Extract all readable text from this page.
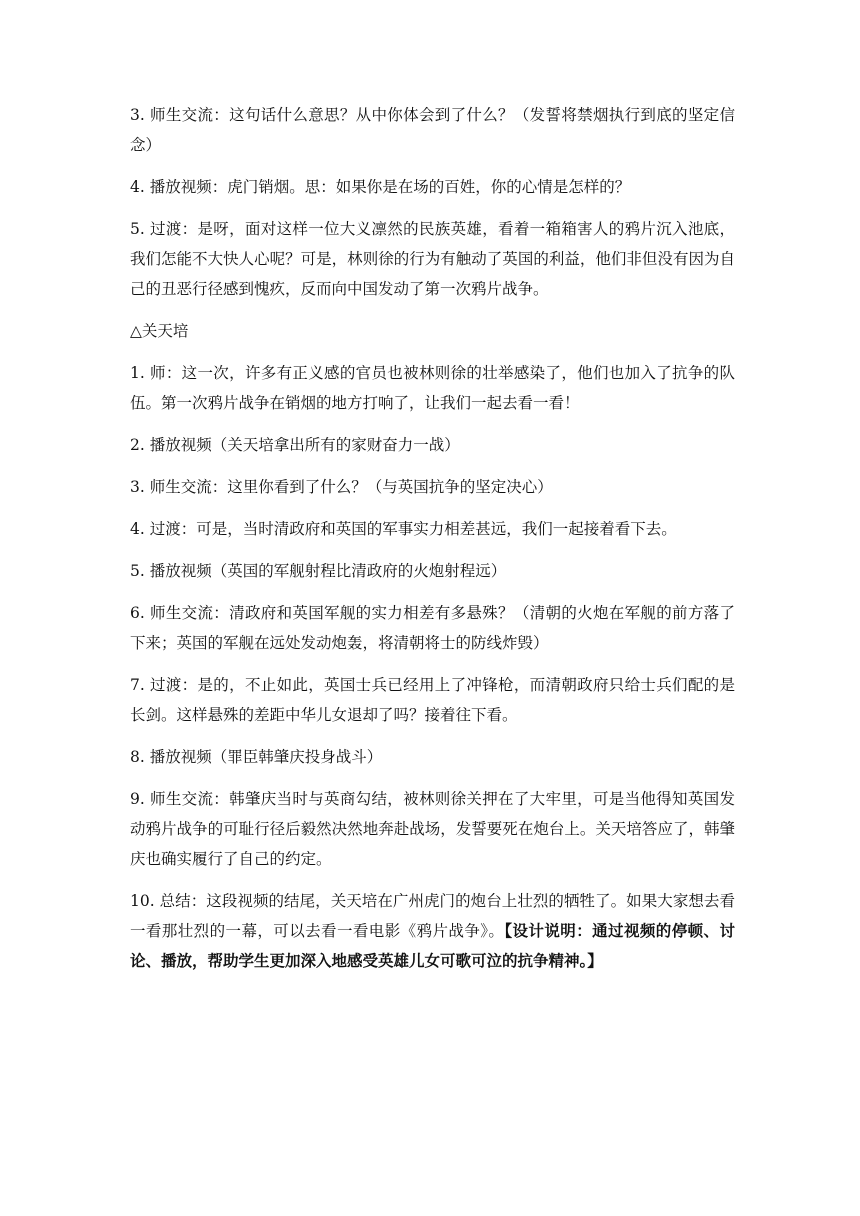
3. 师生交流：这句话什么意思？从中你体会到了什么？（发誓将禁烟执行到底的坚定信念）

4. 播放视频：虎门销烟。思：如果你是在场的百姓，你的心情是怎样的？

5. 过渡：是呀，面对这样一位大义凛然的民族英雄，看着一箱箱害人的鸦片沉入池底，我们怎能不大快人心呢？可是，林则徐的行为有触动了英国的利益，他们非但没有因为自己的丑恶行径感到愧疚，反而向中国发动了第一次鸦片战争。

△关天培

1. 师：这一次，许多有正义感的官员也被林则徐的壮举感染了，他们也加入了抗争的队伍。第一次鸦片战争在销烟的地方打响了，让我们一起去看一看！

2. 播放视频（关天培拿出所有的家财奋力一战）

3. 师生交流：这里你看到了什么？（与英国抗争的坚定决心）

4. 过渡：可是，当时清政府和英国的军事实力相差甚远，我们一起接着看下去。

5. 播放视频（英国的军舰射程比清政府的火炮射程远）

6. 师生交流：清政府和英国军舰的实力相差有多悬殊？（清朝的火炮在军舰的前方落了下来；英国的军舰在远处发动炮轰，将清朝将士的防线炸毁）

7. 过渡：是的，不止如此，英国士兵已经用上了冲锋枪，而清朝政府只给士兵们配的是长剑。这样悬殊的差距中华儿女退却了吗？接着往下看。

8. 播放视频（罪臣韩肇庆投身战斗）

9. 师生交流：韩肇庆当时与英商勾结，被林则徐关押在了大牢里，可是当他得知英国发动鸦片战争的可耻行径后毅然决然地奔赴战场，发誓要死在炮台上。关天培答应了，韩肇庆也确实履行了自己的约定。

10. 总结：这段视频的结尾，关天培在广州虎门的炮台上壮烈的牺牲了。如果大家想去看一看那壮烈的一幕，可以去看一看电影《鸦片战争》。【设计说明：通过视频的停顿、讨论、播放，帮助学生更加深入地感受英雄儿女可歌可泣的抗争精神。】
